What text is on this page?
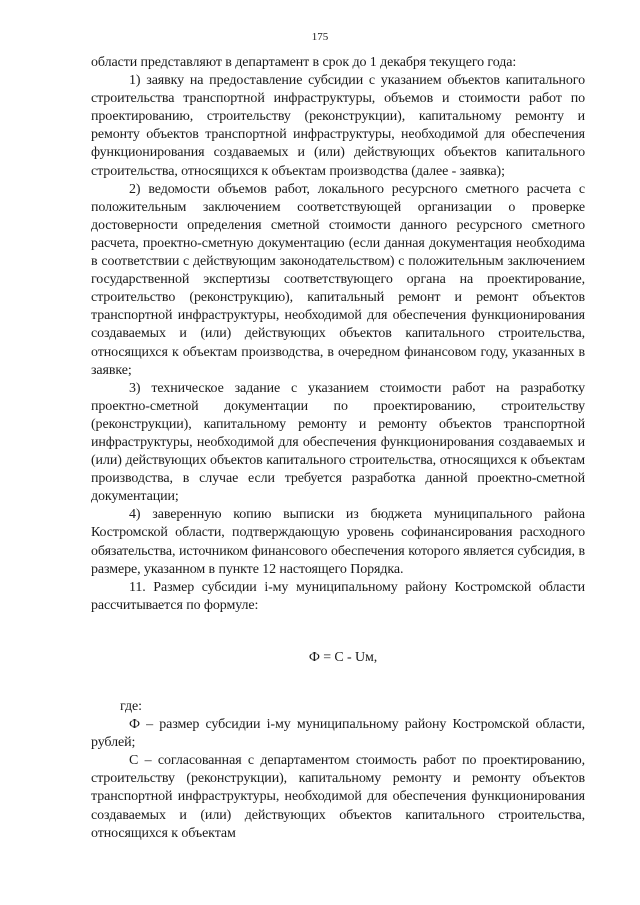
175

области представляют в департамент в срок до 1 декабря текущего года:

1) заявку на предоставление субсидии с указанием объектов капитального строительства транспортной инфраструктуры, объемов и стоимости работ по проектированию, строительству (реконструкции), капитальному ремонту и ремонту объектов транспортной инфраструктуры, необходимой для обеспечения функционирования создаваемых и (или) действующих объектов капитального строительства, относящихся к объектам производства (далее - заявка);

2) ведомости объемов работ, локального ресурсного сметного расчета с положительным заключением соответствующей организации о проверке достоверности определения сметной стоимости данного ресурсного сметного расчета, проектно-сметную документацию (если данная документация необходима в соответствии с действующим законодательством) с положительным заключением государственной экспертизы соответствующего органа на проектирование, строительство (реконструкцию), капитальный ремонт и ремонт объектов транспортной инфраструктуры, необходимой для обеспечения функционирования создаваемых и (или) действующих объектов капитального строительства, относящихся к объектам производства, в очередном финансовом году, указанных в заявке;

3) техническое задание с указанием стоимости работ на разработку проектно-сметной документации по проектированию, строительству (реконструкции), капитальному ремонту и ремонту объектов транспортной инфраструктуры, необходимой для обеспечения функционирования создаваемых и (или) действующих объектов капитального строительства, относящихся к объектам производства, в случае если требуется разработка данной проектно-сметной документации;

4) заверенную копию выписки из бюджета муниципального района Костромской области, подтверждающую уровень софинансирования расходного обязательства, источником финансового обеспечения которого является субсидия, в размере, указанном в пункте 12 настоящего Порядка.

11. Размер субсидии i-му муниципальному району Костромской области рассчитывается по формуле:

Ф = С - Uм,

где:

Ф – размер субсидии i-му муниципальному району Костромской области, рублей;

С – согласованная с департаментом стоимость работ по проектированию, строительству (реконструкции), капитальному ремонту и ремонту объектов транспортной инфраструктуры, необходимой для обеспечения функционирования создаваемых и (или) действующих объектов капитального строительства, относящихся к объектам
